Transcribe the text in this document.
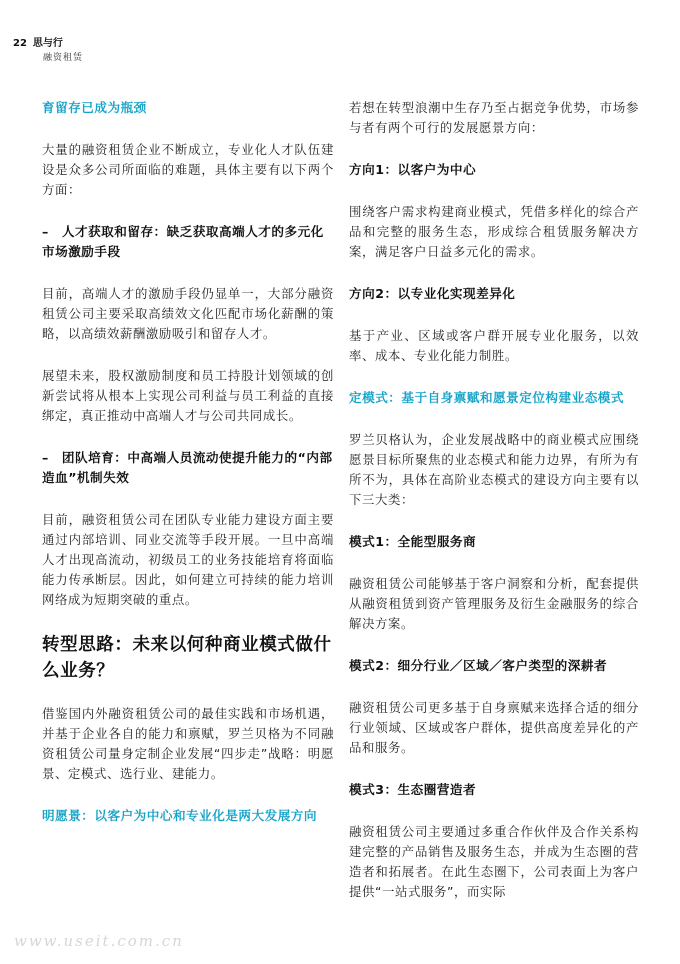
22 思与行
融资租赁
育留存已成为瓶颈

大量的融资租赁企业不断成立，专业化人才队伍建设是众多公司所面临的难题，具体主要有以下两个方面：

–　人才获取和留存：缺乏获取高端人才的多元化市场激励手段

目前，高端人才的激励手段仍显单一，大部分融资租赁公司主要采取高绩效文化匹配市场化薪酬的策略，以高绩效薪酬激励吸引和留存人才。

展望未来，股权激励制度和员工持股计划领域的创新尝试将从根本上实现公司利益与员工利益的直接绑定，真正推动中高端人才与公司共同成长。

–　团队培育：中高端人员流动使提升能力的“内部造血”机制失效

目前，融资租赁公司在团队专业能力建设方面主要通过内部培训、同业交流等手段开展。一旦中高端人才出现高流动，初级员工的业务技能培育将面临能力传承断层。因此，如何建立可持续的能力培训网络成为短期突破的重点。

转型思路：未来以何种商业模式做什么业务？

借鉴国内外融资租赁公司的最佳实践和市场机遇，并基于企业各自的能力和禀赋，罗兰贝格为不同融资租赁公司量身定制企业发展“四步走”战略：明愿景、定模式、选行业、建能力。

明愿景：以客户为中心和专业化是两大发展方向

若想在转型浪潮中生存乃至占据竞争优势，市场参与者有两个可行的发展愿景方向：

方向1：以客户为中心

围绕客户需求构建商业模式，凭借多样化的综合产品和完整的服务生态，形成综合租赁服务解决方案，满足客户日益多元化的需求。

方向2：以专业化实现差异化

基于产业、区域或客户群开展专业化服务，以效率、成本、专业化能力制胜。

定模式：基于自身禀赋和愿景定位构建业态模式

罗兰贝格认为，企业发展战略中的商业模式应围绕愿景目标所聚焦的业态模式和能力边界，有所为有所不为，具体在高阶业态模式的建设方向主要有以下三大类：

模式1：全能型服务商

融资租赁公司能够基于客户洞察和分析，配套提供从融资租赁到资产管理服务及衍生金融服务的综合解决方案。

模式2：细分行业／区域／客户类型的深耕者

融资租赁公司更多基于自身禀赋来选择合适的细分行业领域、区域或客户群体，提供高度差异化的产品和服务。

模式3：生态圈营造者

融资租赁公司主要通过多重合作伙伴及合作关系构建完整的产品销售及服务生态，并成为生态圈的营造者和拓展者。在此生态圈下，公司表面上为客户提供“一站式服务”，而实际

www.useit.com.cn
